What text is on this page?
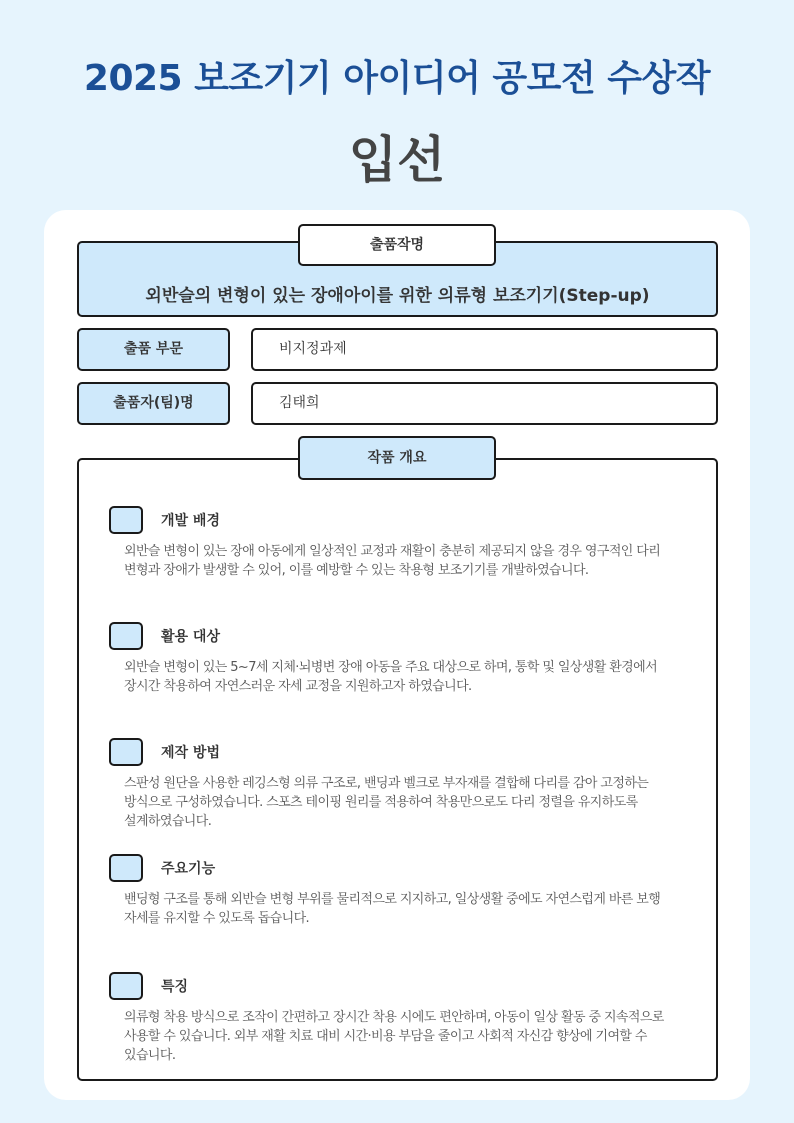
2025 보조기기 아이디어 공모전 수상작
입선
외반슬의 변형이 있는 장애아이를 위한 의류형 보조기기(Step-up)
출품작명
출품 부문	비지정과제
출품자(팀)명	김태희
개발 배경
외반슬 변형이 있는 장애 아동에게 일상적인 교정과 재활이 충분히 제공되지 않을 경우 영구적인 다리 변형과 장애가 발생할 수 있어, 이를 예방할 수 있는 착용형 보조기기를 개발하였습니다.
활용 대상
외반슬 변형이 있는 5~7세 지체·뇌병변 장애 아동을 주요 대상으로 하며, 통학 및 일상생활 환경에서 장시간 착용하여 자연스러운 자세 교정을 지원하고자 하였습니다.
제작 방법
스판성 원단을 사용한 레깅스형 의류 구조로, 밴딩과 벨크로 부자재를 결합해 다리를 감아 고정하는 방식으로 구성하였습니다. 스포츠 테이핑 원리를 적용하여 착용만으로도 다리 정렬을 유지하도록 설계하였습니다.
주요기능
밴딩형 구조를 통해 외반슬 변형 부위를 물리적으로 지지하고, 일상생활 중에도 자연스럽게 바른 보행 자세를 유지할 수 있도록 돕습니다.
특징
의류형 착용 방식으로 조작이 간편하고 장시간 착용 시에도 편안하며, 아동이 일상 활동 중 지속적으로 사용할 수 있습니다. 외부 재활 치료 대비 시간·비용 부담을 줄이고 사회적 자신감 향상에 기여할 수 있습니다.
작품 개요
